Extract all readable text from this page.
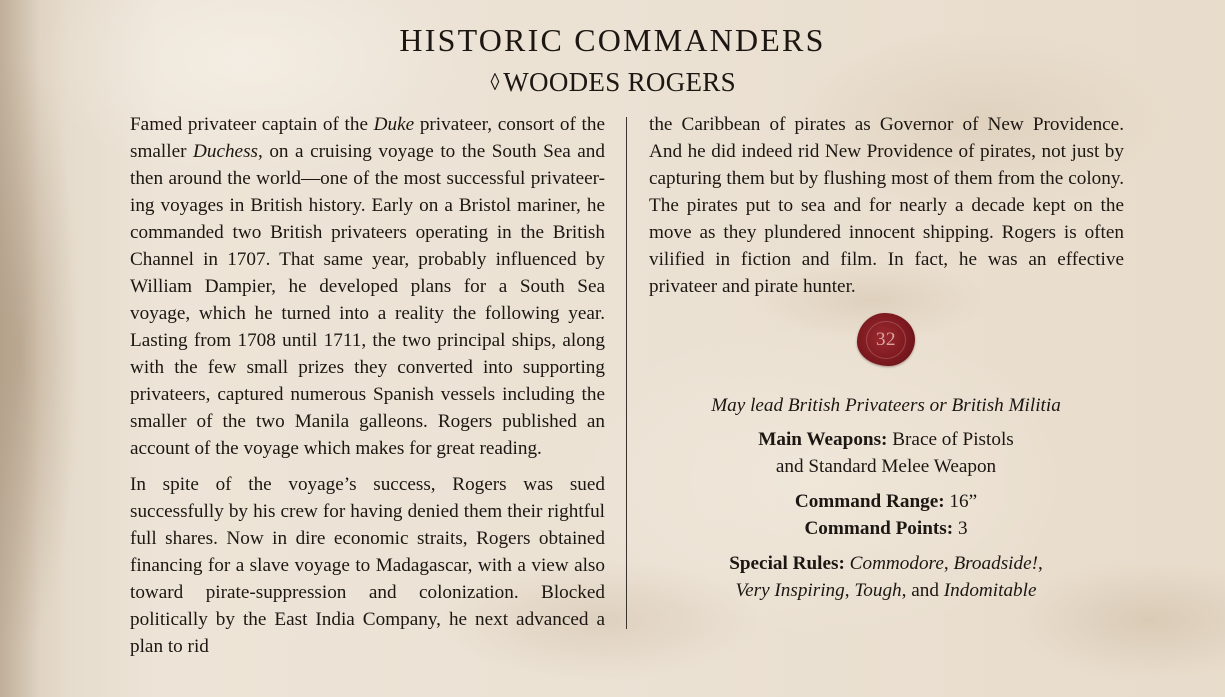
HISTORIC COMMANDERS
◊ WOODES ROGERS

Famed privateer captain of the Duke privateer, consort of the smaller Duchess, on a cruising voyage to the South Sea and then around the world—one of the most successful privateer-ing voyages in British history. Early on a Bristol mariner, he commanded two British privateers operating in the British Channel in 1707. That same year, probably influenced by William Dampier, he developed plans for a South Sea voyage, which he turned into a reality the following year. Lasting from 1708 until 1711, the two principal ships, along with the few small prizes they converted into supporting privateers, captured numerous Spanish vessels including the smaller of the two Manila galleons. Rogers published an account of the voyage which makes for great reading.

In spite of the voyage’s success, Rogers was sued successfully by his crew for having denied them their rightful full shares. Now in dire economic straits, Rogers obtained financing for a slave voyage to Madagascar, with a view also toward pirate-suppression and colonization. Blocked politically by the East India Company, he next advanced a plan to rid

the Caribbean of pirates as Governor of New Providence. And he did indeed rid New Providence of pirates, not just by capturing them but by flushing most of them from the colony. The pirates put to sea and for nearly a decade kept on the move as they plundered innocent shipping. Rogers is often vilified in fiction and film. In fact, he was an effective privateer and pirate hunter.

32

May lead British Privateers or British Militia

Main Weapons: Brace of Pistols
and Standard Melee Weapon

Command Range: 16”
Command Points: 3

Special Rules: Commodore, Broadside!,
Very Inspiring, Tough, and Indomitable
